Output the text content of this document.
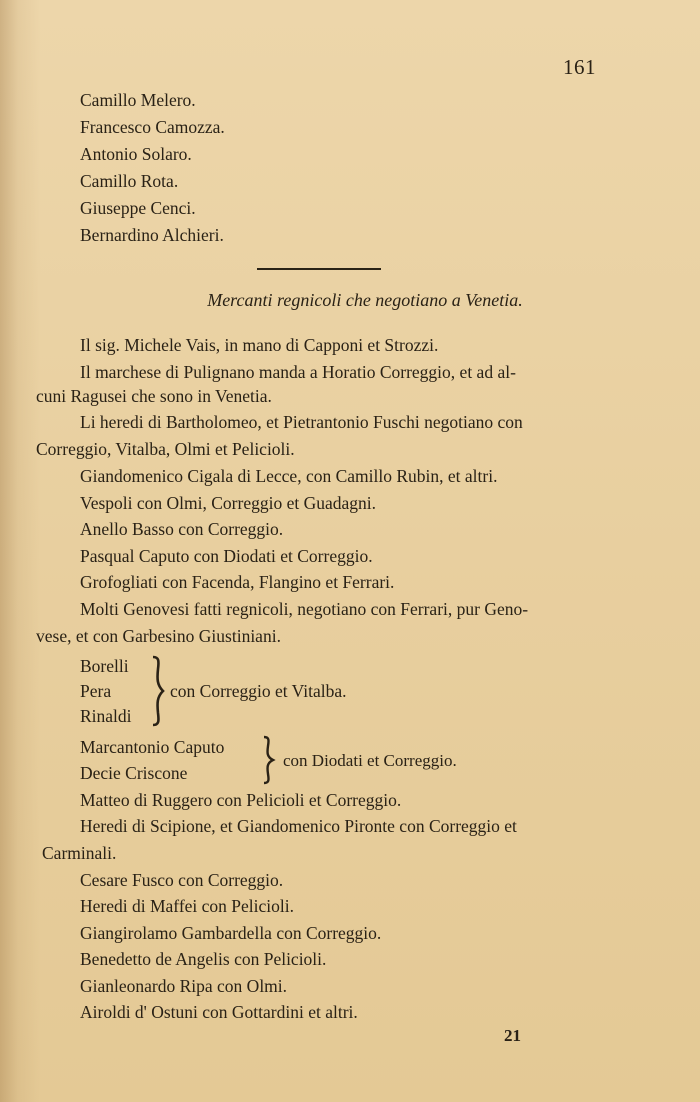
161
Camillo Melero.
Francesco Camozza.
Antonio Solaro.
Camillo Rota.
Giuseppe Cenci.
Bernardino Alchieri.
Mercanti regnicoli che negotiano a Venetia.
Il sig. Michele Vais, in mano di Capponi et Strozzi.
Il marchese di Pulignano manda a Horatio Correggio, et ad al-
cuni Ragusei che sono in Venetia.
Li heredi di Bartholomeo, et Pietrantonio Fuschi negotiano con
Correggio, Vitalba, Olmi et Pelicioli.
Giandomenico Cigala di Lecce, con Camillo Rubin, et altri.
Vespoli con Olmi, Correggio et Guadagni.
Anello Basso con Correggio.
Pasqual Caputo con Diodati et Correggio.
Grofogliati con Facenda, Flangino et Ferrari.
Molti Genovesi fatti regnicoli, negotiano con Ferrari, pur Geno-
vese, et con Garbesino Giustiniani.
Borelli
Pera
Rinaldi
con Correggio et Vitalba.
Marcantonio Caputo
Decie Criscone
con Diodati et Correggio.
Matteo di Ruggero con Pelicioli et Correggio.
Heredi di Scipione, et Giandomenico Pironte con Correggio et
Carminali.
Cesare Fusco con Correggio.
Heredi di Maffei con Pelicioli.
Giangirolamo Gambardella con Correggio.
Benedetto de Angelis con Pelicioli.
Gianleonardo Ripa con Olmi.
Airoldi d' Ostuni con Gottardini et altri.
21
